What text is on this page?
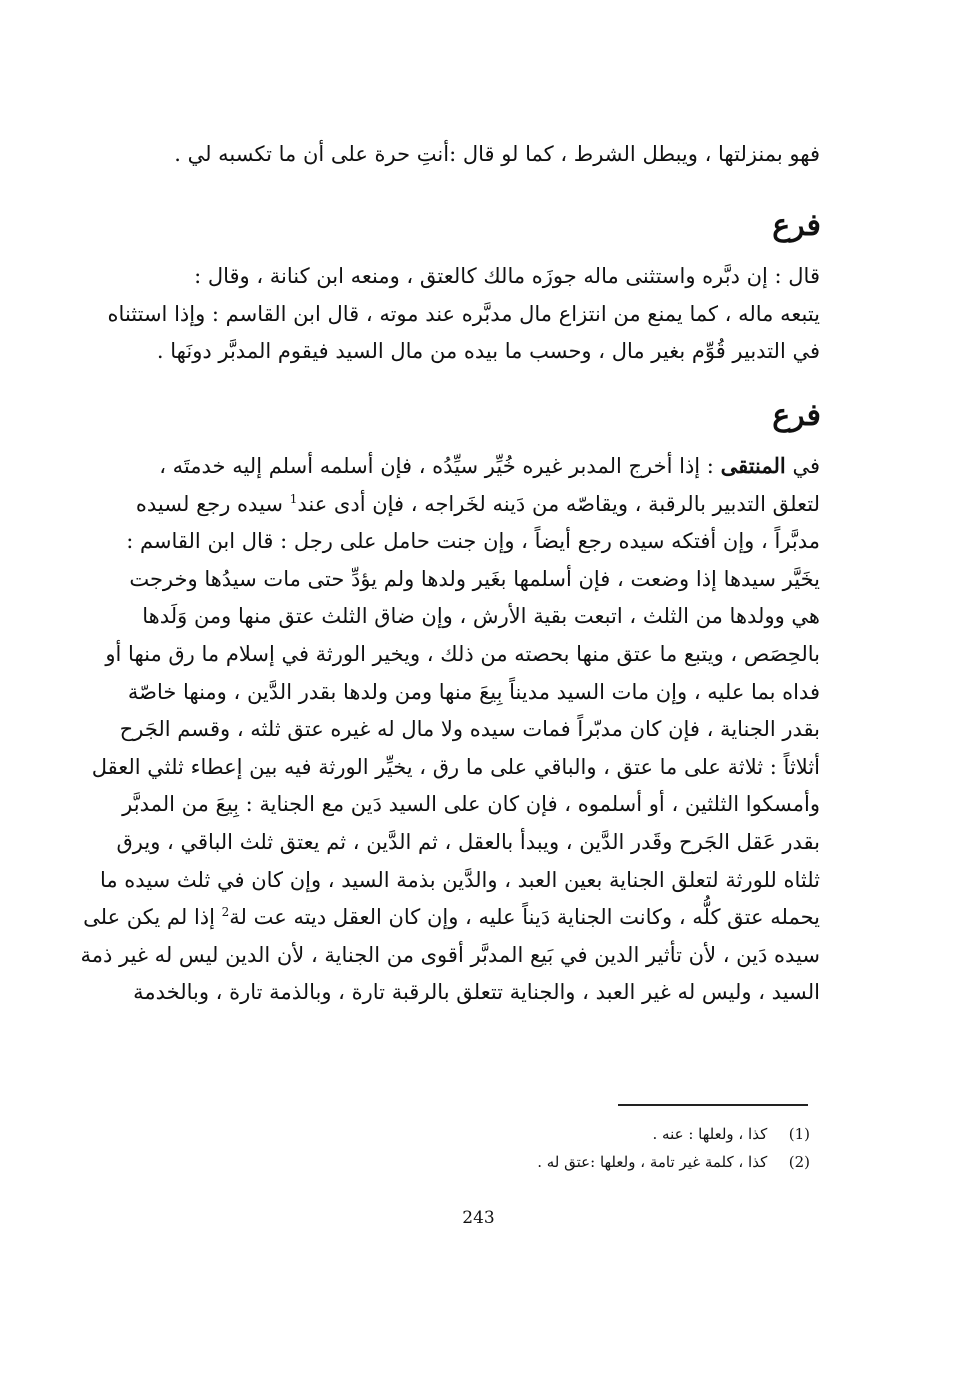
فهو بمنزلتها ، ويبطل الشرط ، كما لو قال :أنتِ حرة على أن ما تكسبه لي .
فرع
قال : إن دبَّره واستثنى ماله جوزَه مالك كالعتق ، ومنعه ابن كنانة ، وقال :
يتبعه ماله ، كما يمنع من انتزاع مال مدبَّره عند موته ، قال ابن القاسم : وإذا استثناه
في التدبير قُوِّم بغير مال ، وحسب ما بيده من مال السيد فيقوم المدبَّر دونَها .
فرع
في المنتقى : إذا أخرج المدبر غيره خُيِّر سيِّدُه ، فإن أسلمه أسلم إليه خدمتَه ،
لتعلق التدبير بالرقبة ، ويقاصّه من دَينه لخَراجه ، فإن أدى عند$^1$ سيده رجع لسيده
مدبَّراً ، وإن أفتكه سيده رجع أيضاً ، وإن جنت حامل على رجل : قال ابن القاسم :
يخَيَّر سيدها إذا وضعت ، فإن أسلمها بغَير ولدها ولم يؤدِّ حتى مات سيدُها وخرجت
هي وولدها من الثلث ، اتبعت بقية الأرش ، وإن ضاق الثلث عتق منها ومن وَلَدها
بالحِصَص ، ويتبع ما عتق منها بحصته من ذلك ، ويخير الورثة في إسلام ما رق منها أو
فداه بما عليه ، وإن مات السيد مديناً بِيعَ منها ومن ولدها بقدر الدَّين ، ومنها خاصّة
بقدر الجناية ، فإن كان مدبّراً فمات سيده ولا مال له غيره عتق ثلثه ، وقسم الجَرح
أثلاثاً : ثلاثة على ما عتق ، والباقي على ما رق ، يخيِّر الورثة فيه بين إعطاء ثلثي العقل
وأمسكوا الثلثين ، أو أسلموه ، فإن كان على السيد دَين مع الجناية : بِيعَ من المدبَّر
بقدر عَقل الجَرح وقَدر الدَّين ، ويبدأ بالعقل ، ثم الدَّين ، ثم يعتق ثلث الباقي ، ويرق
ثلثاه للورثة لتعلق الجناية بعين العبد ، والدَّين بذمة السيد ، وإن كان في ثلث سيده ما
يحمله عتق كلُّه ، وكانت الجناية دَيناً عليه ، وإن كان العقل ديته عت لة$^2$ إذا لم يكن على
سيده دَين ، لأن تأثير الدين في بَيع المدبَّر أقوى من الجناية ، لأن الدين ليس له غير ذمة
السيد ، وليس له غير العبد ، والجناية تتعلق بالرقبة تارة ، وبالذمة تارة ، وبالخدمة
(1) كذا ، ولعلها : عنه .
(2) كذا ، كلمة غير تامة ، ولعلها :عتق له .
243
